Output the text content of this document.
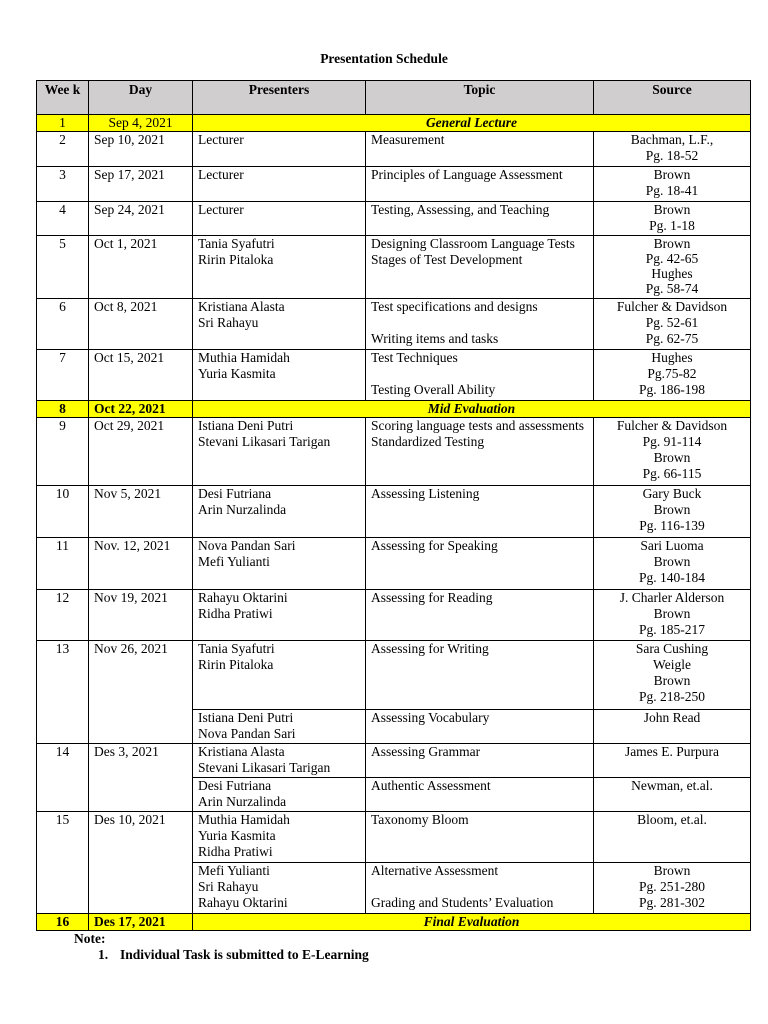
Presentation Schedule
Wee k	Day	Presenters	Topic	Source
1	Sep 4, 2021	General Lecture		
2	Sep 10, 2021	Lecturer	Measurement	Bachman, L.F.,
Pg. 18-52

3	Sep 17, 2021	Lecturer	Principles of Language Assessment	Brown
Pg. 18-41

4	Sep 24, 2021	Lecturer	Testing, Assessing, and Teaching	Brown
Pg. 1-18

5	Oct 1, 2021	Tania Syafutri
Ririn Pitaloka	Designing Classroom Language Tests
Stages of Test Development	Brown
Pg. 42-65
Hughes
Pg. 58-74

6	Oct 8, 2021	Kristiana Alasta
Sri Rahayu	Test specifications and designs
Writing items and tasks	Fulcher & Davidson
Pg. 52-61
Pg. 62-75

7	Oct 15, 2021	Muthia Hamidah
Yuria Kasmita	Test Techniques
Testing Overall Ability	Hughes
Pg.75-82
Pg. 186-198

8	Oct 22, 2021	Mid Evaluation		
9	Oct 29, 2021	Istiana Deni Putri
Stevani Likasari Tarigan	Scoring language tests and assessments
Standardized Testing	Fulcher & Davidson
Pg. 91-114
Brown
Pg. 66-115

10	Nov 5, 2021	Desi Futriana
Arin Nurzalinda	Assessing Listening	Gary Buck
Brown
Pg. 116-139

11	Nov. 12, 2021	Nova Pandan Sari
Mefi Yulianti	Assessing for Speaking	Sari Luoma
Brown
Pg. 140-184

12	Nov 19, 2021	Rahayu Oktarini
Ridha Pratiwi	Assessing for Reading	J. Charler Alderson
Brown
Pg. 185-217

13	Nov 26, 2021	Tania Syafutri
Ririn Pitaloka	Assessing for Writing	Sara Cushing
Weigle
Brown
Pg. 218-250

		Istiana Deni Putri
Nova Pandan Sari	Assessing Vocabulary	John Read

14	Des 3, 2021	Kristiana Alasta
Stevani Likasari Tarigan	Assessing Grammar	James E. Purpura

		Desi Futriana
Arin Nurzalinda	Authentic Assessment	Newman, et.al.

15	Des 10, 2021	Muthia Hamidah
Yuria Kasmita
Ridha Pratiwi	Taxonomy Bloom	Bloom, et.al.

		Mefi Yulianti
Sri Rahayu
Rahayu Oktarini	Alternative Assessment
Grading and Students’ Evaluation	Brown
Pg. 251-280
Pg. 281-302

16	Des 17, 2021	Final Evaluation		
Note:
1. Individual Task is submitted to E-Learning
